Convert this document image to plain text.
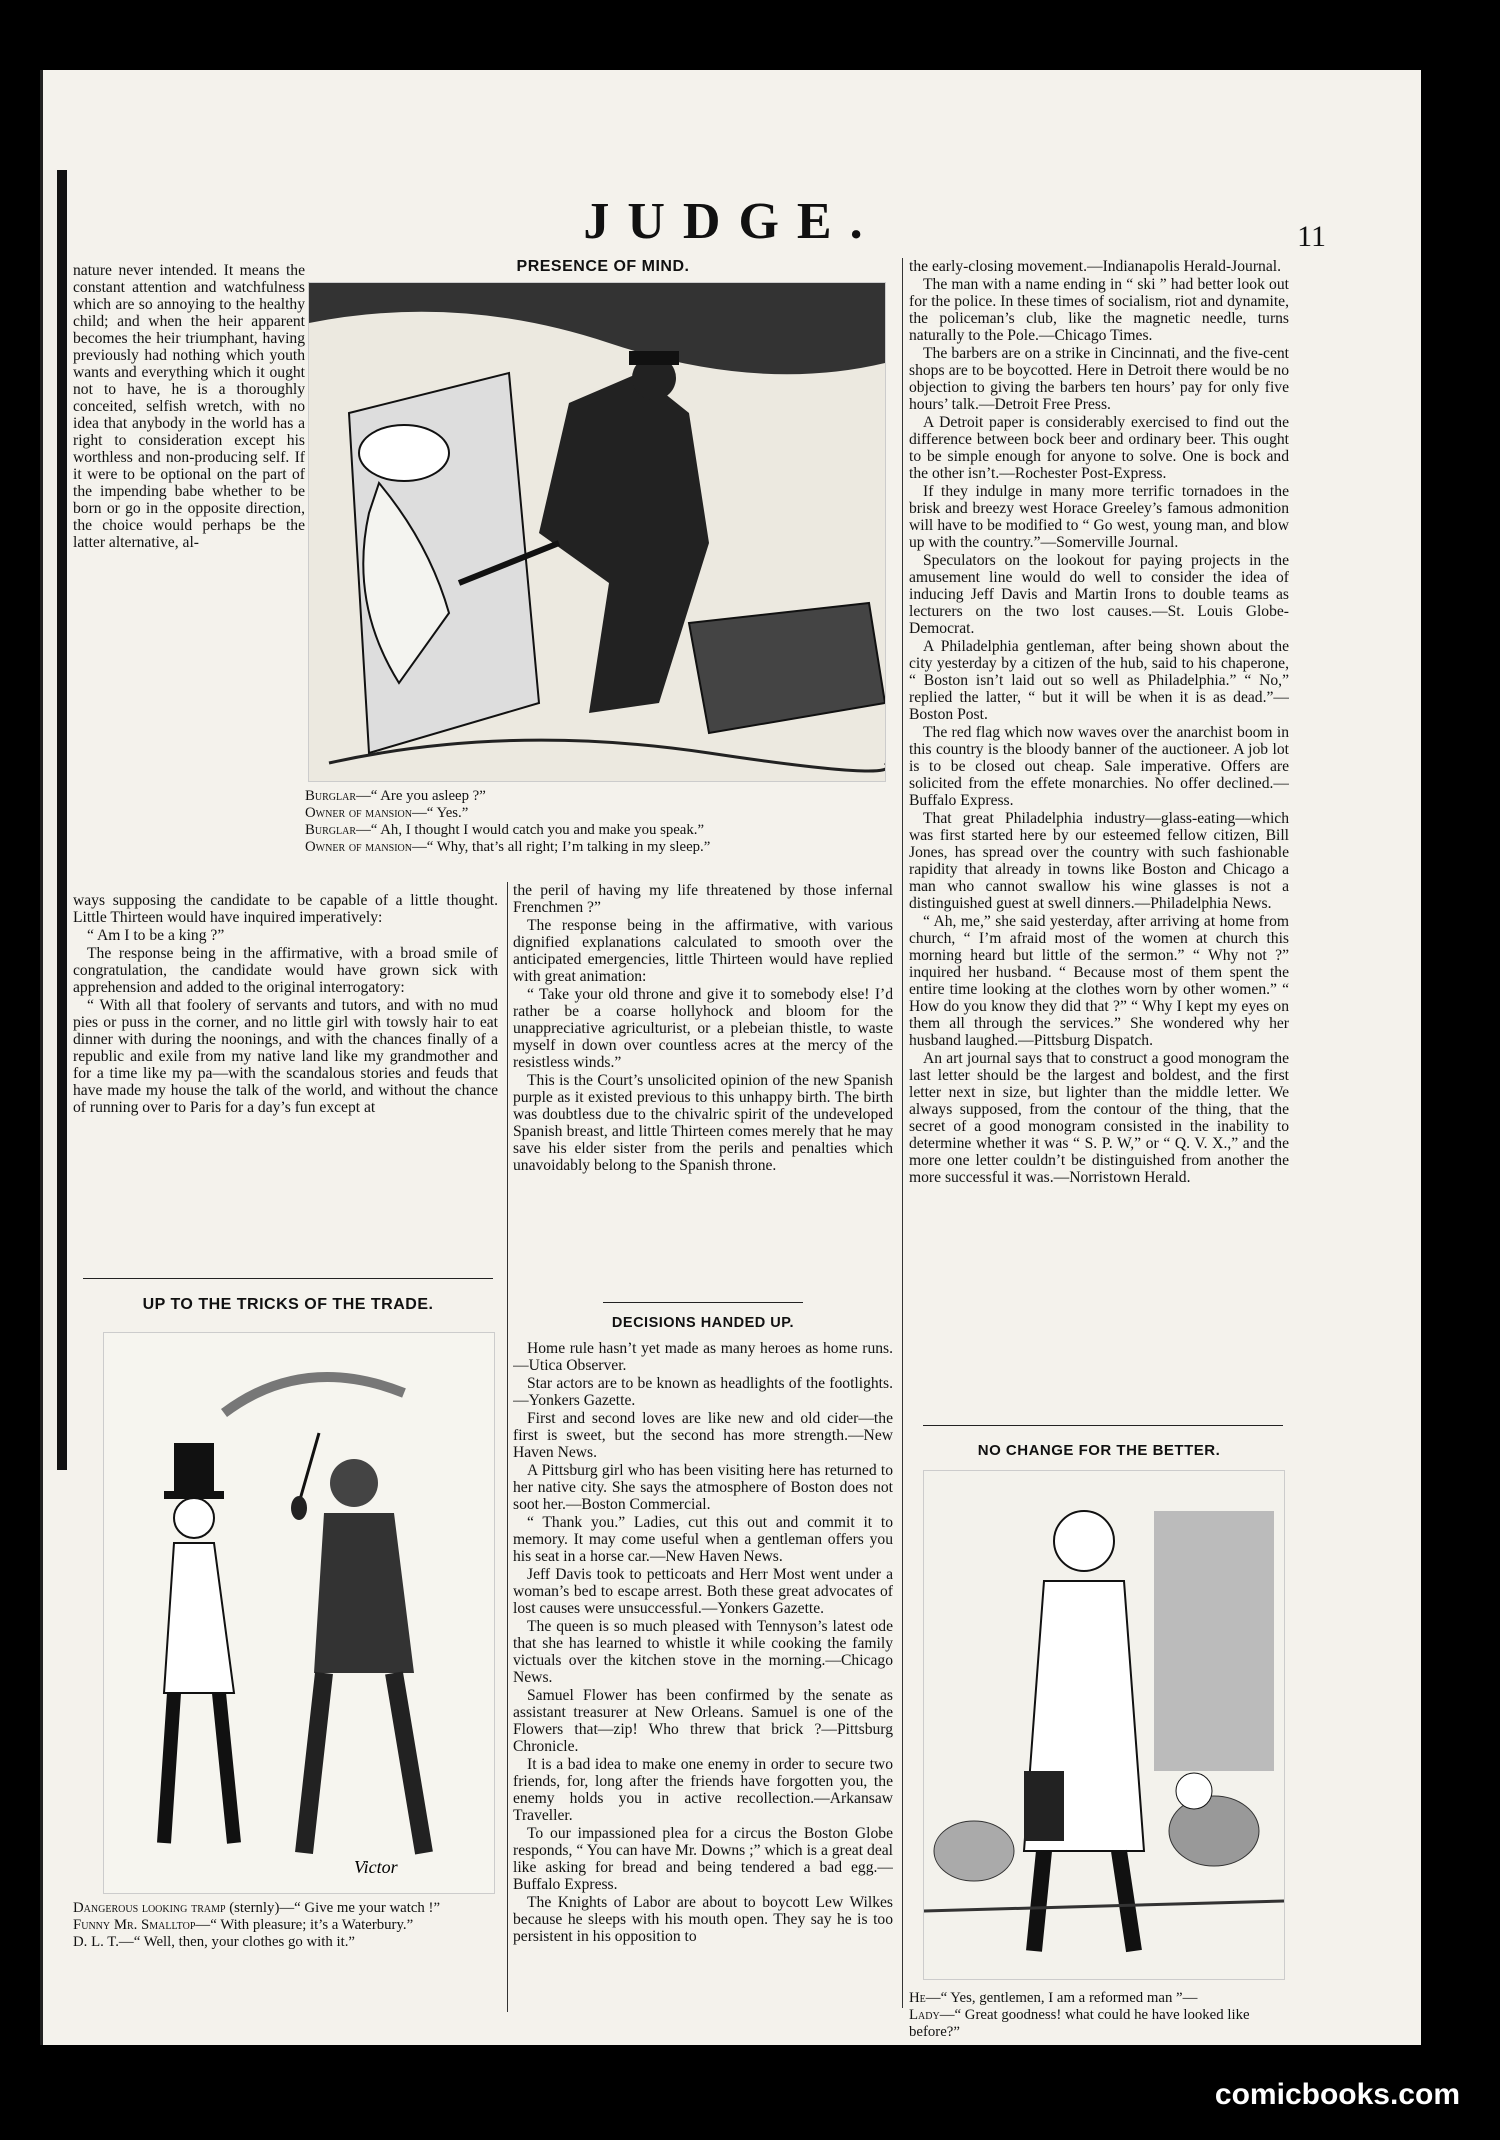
JUDGE.	11

nature never intended. It means the constant attention and watchfulness which are so annoying to the healthy child; and when the heir apparent becomes the heir triumphant, having previously had nothing which youth wants and everything which it ought not to have, he is a thoroughly conceited, selfish wretch, with no idea that anybody in the world has a right to consideration except his worthless and non-producing self. If it were to be optional on the part of the impending babe whether to be born or go in the opposite direction, the choice would perhaps be the latter alternative, al-

PRESENCE OF MIND.

Burglar—“ Are you asleep ?”

Owner of mansion—“ Yes.”

Burglar—“ Ah, I thought I would catch you and make you speak.”

Owner of mansion—“ Why, that’s all right; I’m talking in my sleep.”

ways supposing the candidate to be capable of a little thought. Little Thirteen would have inquired imperatively:

“ Am I to be a king ?”

The response being in the affirmative, with a broad smile of congratulation, the candidate would have grown sick with apprehension and added to the original interrogatory:

“ With all that foolery of servants and tutors, and with no mud pies or puss in the corner, and no little girl with towsly hair to eat dinner with during the noonings, and with the chances finally of a republic and exile from my native land like my grandmother and for a time like my pa—with the scandalous stories and feuds that have made my house the talk of the world, and without the chance of running over to Paris for a day’s fun except at

UP TO THE TRICKS OF THE TRADE.
Victor

Dangerous looking tramp (sternly)—“ Give me your watch !”

Funny Mr. Smalltop—“ With pleasure; it’s a Waterbury.”

D. L. T.—“ Well, then, your clothes go with it.”

the peril of having my life threatened by those infernal Frenchmen ?”

The response being in the affirmative, with various dignified explanations calculated to smooth over the anticipated emergencies, little Thirteen would have replied with great animation:

“ Take your old throne and give it to somebody else! I’d rather be a coarse hollyhock and bloom for the unappreciative agriculturist, or a plebeian thistle, to waste myself in down over countless acres at the mercy of the resistless winds.”

This is the Court’s unsolicited opinion of the new Spanish purple as it existed previous to this unhappy birth. The birth was doubtless due to the chivalric spirit of the undeveloped Spanish breast, and little Thirteen comes merely that he may save his elder sister from the perils and penalties which unavoidably belong to the Spanish throne.

DECISIONS HANDED UP.

Home rule hasn’t yet made as many heroes as home runs.—Utica Observer.

Star actors are to be known as headlights of the footlights.—Yonkers Gazette.

First and second loves are like new and old cider—the first is sweet, but the second has more strength.—New Haven News.

A Pittsburg girl who has been visiting here has returned to her native city. She says the atmosphere of Boston does not soot her.—Boston Commercial.

“ Thank you.” Ladies, cut this out and commit it to memory. It may come useful when a gentleman offers you his seat in a horse car.—New Haven News.

Jeff Davis took to petticoats and Herr Most went under a woman’s bed to escape arrest. Both these great advocates of lost causes were unsuccessful.—Yonkers Gazette.

The queen is so much pleased with Tennyson’s latest ode that she has learned to whistle it while cooking the family victuals over the kitchen stove in the morning.—Chicago News.

Samuel Flower has been confirmed by the senate as assistant treasurer at New Orleans. Samuel is one of the Flowers that—zip! Who threw that brick ?—Pittsburg Chronicle.

It is a bad idea to make one enemy in order to secure two friends, for, long after the friends have forgotten you, the enemy holds you in active recollection.—Arkansaw Traveller.

To our impassioned plea for a circus the Boston Globe responds, “ You can have Mr. Downs ;” which is a great deal like asking for bread and being tendered a bad egg.—Buffalo Express.

The Knights of Labor are about to boycott Lew Wilkes because he sleeps with his mouth open. They say he is too persistent in his opposition to

the early-closing movement.—Indianapolis Herald-Journal.

The man with a name ending in “ ski ” had better look out for the police. In these times of socialism, riot and dynamite, the policeman’s club, like the magnetic needle, turns naturally to the Pole.—Chicago Times.

The barbers are on a strike in Cincinnati, and the five-cent shops are to be boycotted. Here in Detroit there would be no objection to giving the barbers ten hours’ pay for only five hours’ talk.—Detroit Free Press.

A Detroit paper is considerably exercised to find out the difference between bock beer and ordinary beer. This ought to be simple enough for anyone to solve. One is bock and the other isn’t.—Rochester Post-Express.

If they indulge in many more terrific tornadoes in the brisk and breezy west Horace Greeley’s famous admonition will have to be modified to “ Go west, young man, and blow up with the country.”—Somerville Journal.

Speculators on the lookout for paying projects in the amusement line would do well to consider the idea of inducing Jeff Davis and Martin Irons to double teams as lecturers on the two lost causes.—St. Louis Globe-Democrat.

A Philadelphia gentleman, after being shown about the city yesterday by a citizen of the hub, said to his chaperone, “ Boston isn’t laid out so well as Philadelphia.” “ No,” replied the latter, “ but it will be when it is as dead.”—Boston Post.

The red flag which now waves over the anarchist boom in this country is the bloody banner of the auctioneer. A job lot is to be closed out cheap. Sale imperative. Offers are solicited from the effete monarchies. No offer declined.—Buffalo Express.

That great Philadelphia industry—glass-eating—which was first started here by our esteemed fellow citizen, Bill Jones, has spread over the country with such fashionable rapidity that already in towns like Boston and Chicago a man who cannot swallow his wine glasses is not a distinguished guest at swell dinners.—Philadelphia News.

“ Ah, me,” she said yesterday, after arriving at home from church, “ I’m afraid most of the women at church this morning heard but little of the sermon.” “ Why not ?” inquired her husband. “ Because most of them spent the entire time looking at the clothes worn by other women.” “ How do you know they did that ?” “ Why I kept my eyes on them all through the services.” She wondered why her husband laughed.—Pittsburg Dispatch.

An art journal says that to construct a good monogram the last letter should be the largest and boldest, and the first letter next in size, but lighter than the middle letter. We always supposed, from the contour of the thing, that the secret of a good monogram consisted in the inability to determine whether it was “ S. P. W,” or “ Q. V. X.,” and the more one letter couldn’t be distinguished from another the more successful it was.—Norristown Herald.

NO CHANGE FOR THE BETTER.

He—“ Yes, gentlemen, I am a reformed man ”—

Lady—“ Great goodness! what could he have looked like before?”

comicbooks.com
